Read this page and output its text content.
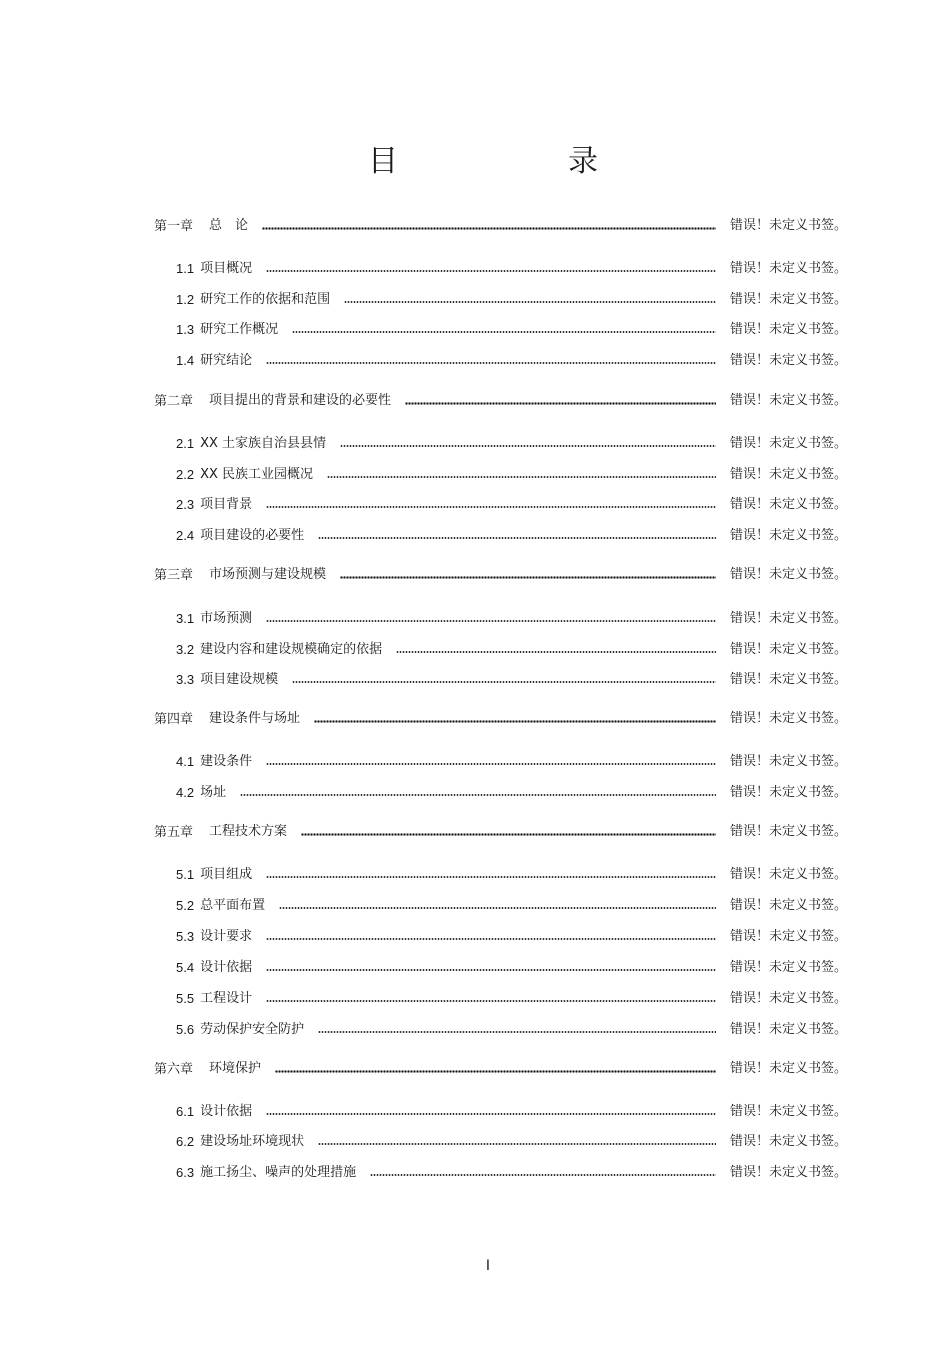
目　录
第一章 总　论	错误！未定义书签。
1.1 项目概况	错误！未定义书签。
1.2 研究工作的依据和范围	错误！未定义书签。
1.3 研究工作概况	错误！未定义书签。
1.4 研究结论	错误！未定义书签。
第二章 项目提出的背景和建设的必要性	错误！未定义书签。
2.1 XX 土家族自治县县情	错误！未定义书签。
2.2 XX 民族工业园概况	错误！未定义书签。
2.3 项目背景	错误！未定义书签。
2.4 项目建设的必要性	错误！未定义书签。
第三章 市场预测与建设规模	错误！未定义书签。
3.1 市场预测	错误！未定义书签。
3.2 建设内容和建设规模确定的依据	错误！未定义书签。
3.3 项目建设规模	错误！未定义书签。
第四章 建设条件与场址	错误！未定义书签。
4.1 建设条件	错误！未定义书签。
4.2 场址	错误！未定义书签。
第五章 工程技术方案	错误！未定义书签。
5.1 项目组成	错误！未定义书签。
5.2 总平面布置	错误！未定义书签。
5.3 设计要求	错误！未定义书签。
5.4 设计依据	错误！未定义书签。
5.5 工程设计	错误！未定义书签。
5.6 劳动保护安全防护	错误！未定义书签。
第六章 环境保护	错误！未定义书签。
6.1 设计依据	错误！未定义书签。
6.2 建设场址环境现状	错误！未定义书签。
6.3 施工扬尘、噪声的处理措施	错误！未定义书签。
I
